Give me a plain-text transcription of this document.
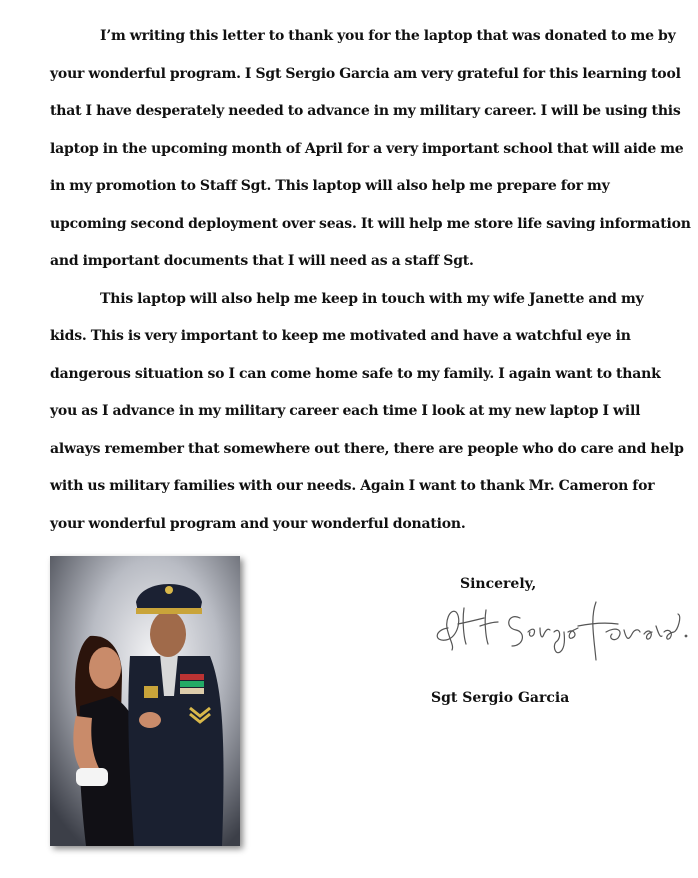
I’m writing this letter to thank you for the laptop that was donated to me by
your wonderful program. I Sgt Sergio Garcia am very grateful for this learning tool
that I have desperately needed to advance in my military career. I will be using this
laptop in the upcoming month of April for a very important school that will aide me
in my promotion to Staff Sgt. This laptop will also help me prepare for my
upcoming second deployment over seas. It will help me store life saving information
and important documents that I will need as a staff Sgt.

This laptop will also help me keep in touch with my wife Janette and my
kids. This is very important to keep me motivated and have a watchful eye in
dangerous situation so I can come home safe to my family. I again want to thank
you as I advance in my military career each time I look at my new laptop I will
always remember that somewhere out there, there are people who do care and help
with us military families with our needs. Again I want to thank Mr. Cameron for
your wonderful program and your wonderful donation.

Sincerely,
Sgt Sergio Garcia
